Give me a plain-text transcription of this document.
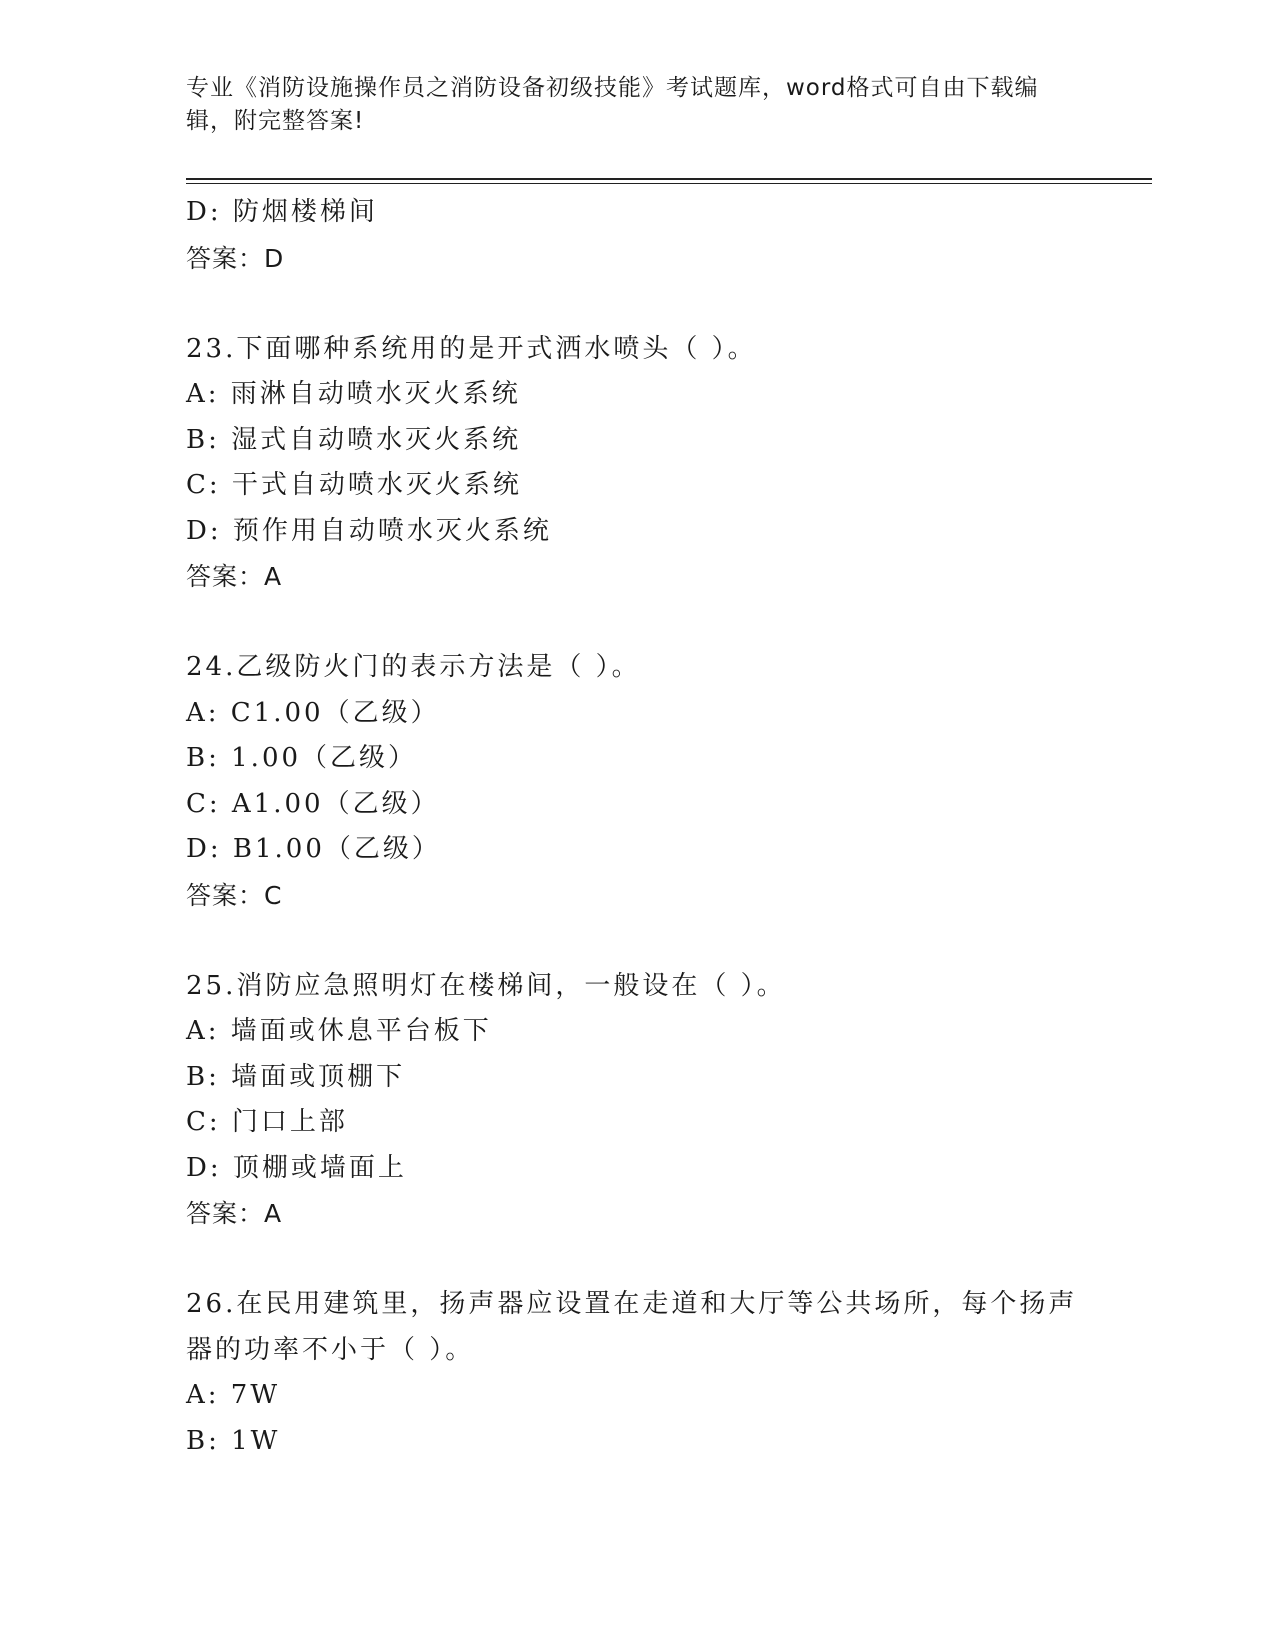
专业《消防设施操作员之消防设备初级技能》考试题库，word格式可自由下载编
辑，附完整答案!
D: 防烟楼梯间
答案：D
23.下面哪种系统用的是开式洒水喷头（ ）。
A: 雨淋自动喷水灭火系统
B: 湿式自动喷水灭火系统
C: 干式自动喷水灭火系统
D: 预作用自动喷水灭火系统
答案：A
24.乙级防火门的表示方法是（ ）。
A: C1.00（乙级）
B: 1.00（乙级）
C: A1.00（乙级）
D: B1.00（乙级）
答案：C
25.消防应急照明灯在楼梯间，一般设在（ ）。
A: 墙面或休息平台板下
B: 墙面或顶棚下
C: 门口上部
D: 顶棚或墙面上
答案：A
26.在民用建筑里，扬声器应设置在走道和大厅等公共场所，每个扬声
器的功率不小于（ ）。
A: 7W
B: 1W
